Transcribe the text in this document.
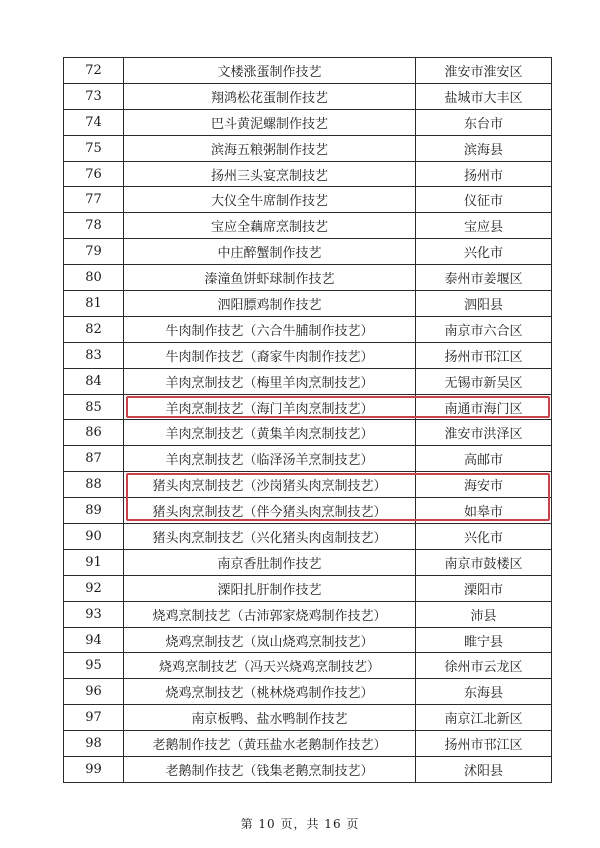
72	文楼涨蛋制作技艺	淮安市淮安区
73	翔鸿松花蛋制作技艺	盐城市大丰区
74	巴斗黄泥螺制作技艺	东台市
75	滨海五粮粥制作技艺	滨海县
76	扬州三头宴烹制技艺	扬州市
77	大仪全牛席制作技艺	仪征市
78	宝应全藕席烹制技艺	宝应县
79	中庄醉蟹制作技艺	兴化市
80	溱潼鱼饼虾球制作技艺	泰州市姜堰区
81	泗阳膘鸡制作技艺	泗阳县
82	牛肉制作技艺（六合牛脯制作技艺）	南京市六合区
83	牛肉制作技艺（裔家牛肉制作技艺）	扬州市邗江区
84	羊肉烹制技艺（梅里羊肉烹制技艺）	无锡市新吴区
85	羊肉烹制技艺（海门羊肉烹制技艺）	南通市海门区
86	羊肉烹制技艺（黄集羊肉烹制技艺）	淮安市洪泽区
87	羊肉烹制技艺（临泽汤羊烹制技艺）	高邮市
88	猪头肉烹制技艺（沙岗猪头肉烹制技艺）	海安市
89	猪头肉烹制技艺（伴今猪头肉烹制技艺）	如皋市
90	猪头肉烹制技艺（兴化猪头肉卤制技艺）	兴化市
91	南京香肚制作技艺	南京市鼓楼区
92	溧阳扎肝制作技艺	溧阳市
93	烧鸡烹制技艺（古沛郭家烧鸡制作技艺）	沛县
94	烧鸡烹制技艺（岚山烧鸡烹制技艺）	睢宁县
95	烧鸡烹制技艺（冯天兴烧鸡烹制技艺）	徐州市云龙区
96	烧鸡烹制技艺（桃林烧鸡制作技艺）	东海县
97	南京板鸭、盐水鸭制作技艺	南京江北新区
98	老鹅制作技艺（黄珏盐水老鹅制作技艺）	扬州市邗江区
99	老鹅制作技艺（钱集老鹅烹制技艺）	沭阳县
第 10 页，共 16 页
